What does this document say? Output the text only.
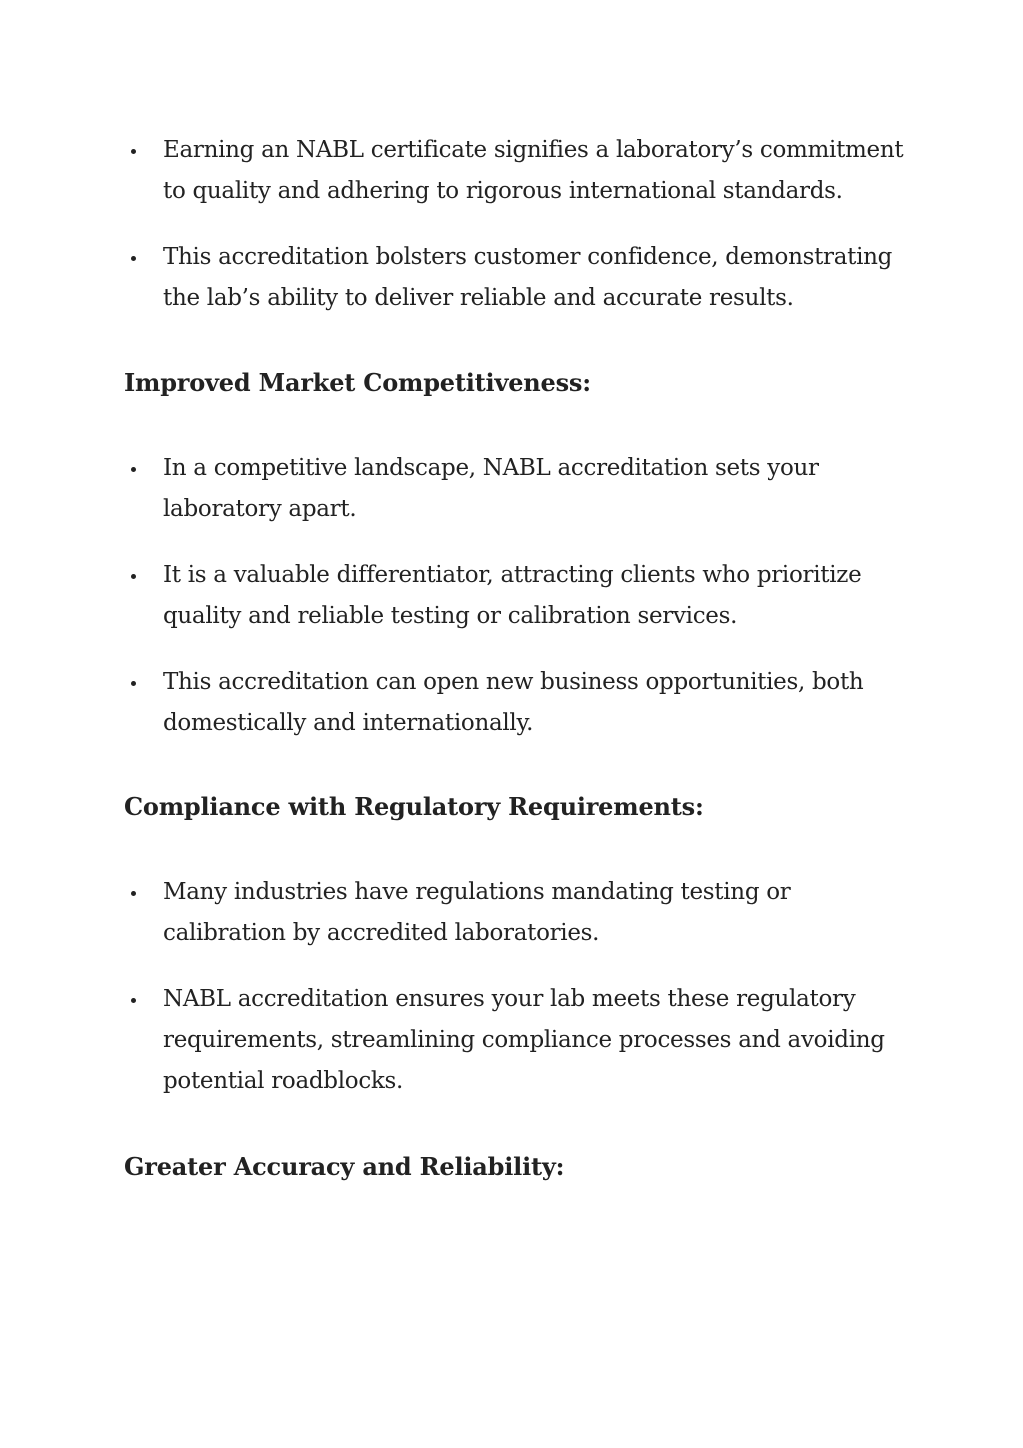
Earning an NABL certificate signifies a laboratory’s commitment to quality and adhering to rigorous international standards.
This accreditation bolsters customer confidence, demonstrating the lab’s ability to deliver reliable and accurate results.
Improved Market Competitiveness:
In a competitive landscape, NABL accreditation sets your laboratory apart.
It is a valuable differentiator, attracting clients who prioritize quality and reliable testing or calibration services.
This accreditation can open new business opportunities, both domestically and internationally.
Compliance with Regulatory Requirements:
Many industries have regulations mandating testing or calibration by accredited laboratories.
NABL accreditation ensures your lab meets these regulatory requirements, streamlining compliance processes and avoiding potential roadblocks.
Greater Accuracy and Reliability:
